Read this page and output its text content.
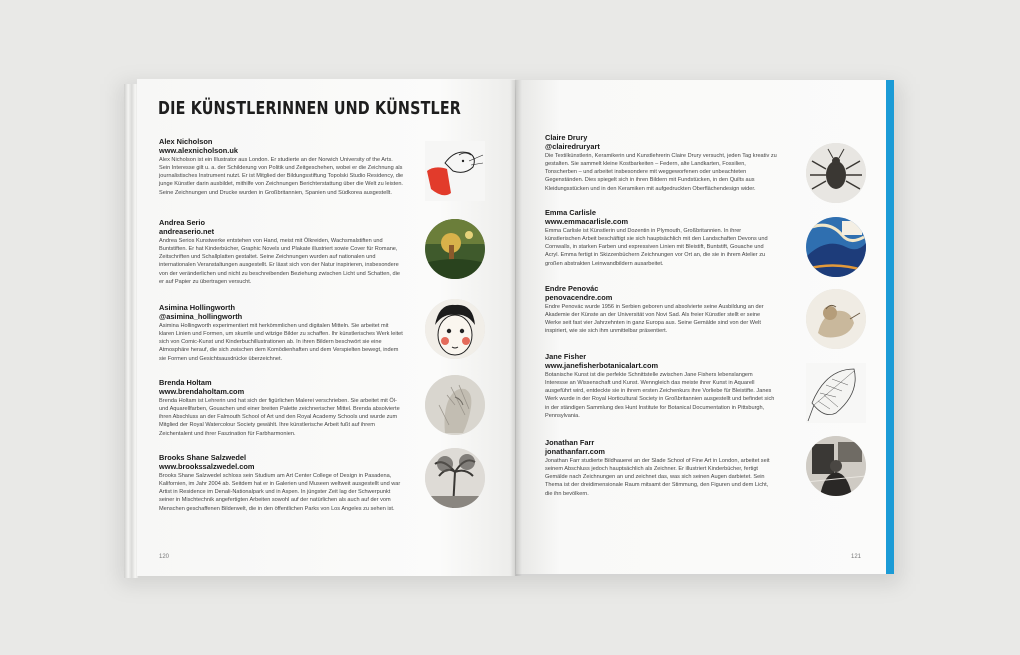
DIE KÜNSTLERINNEN UND KÜNSTLER
Alex Nicholson
www.alexnicholson.uk

Alex Nicholson ist ein Illustrator aus London. Er studierte an der Norwich University of the Arts. Sein Interesse gilt u. a. der Schilderung von Politik und Zeitgeschehen, wobei er die Zeichnung als journalistisches Instrument nutzt. Er ist Mitglied der Bildungsstiftung Topolski Studio Residency, die junge Künstler darin ausbildet, mithilfe von Zeichnungen Berichterstattung über die Welt zu leisten. Seine Zeichnungen und Drucke wurden in Großbritannien, Spanien und Südkorea ausgestellt.

Andrea Serio
andreaserio.net

Andrea Serios Kunstwerke entstehen von Hand, meist mit Ölkreiden, Wachsmalstiften und Buntstiften. Er hat Kinderbücher, Graphic Novels und Plakate illustriert sowie Cover für Romane, Zeitschriften und Schallplatten gestaltet. Seine Zeichnungen wurden auf nationalen und internationalen Veranstaltungen ausgestellt. Er lässt sich von der Natur inspirieren, insbesondere von der veränderlichen und nicht zu beschreibenden Beziehung zwischen Licht und Schatten, die er auf Papier zu übertragen versucht.

Asimina Hollingworth
@asimina_hollingworth

Asimina Hollingworth experimentiert mit herkömmlichen und digitalen Mitteln. Sie arbeitet mit klaren Linien und Formen, um skurrile und witzige Bilder zu schaffen. Ihr künstlerisches Werk leitet sich von Comic-Kunst und Kinderbuchillustrationen ab. In ihren Bildern beschwört sie eine Atmosphäre herauf, die sich zwischen dem Komödienhaften und dem Verspielten bewegt, indem sie Formen und Gesichtsausdrücke überzeichnet.

Brenda Holtam
www.brendaholtam.com

Brenda Holtam ist Lehrerin und hat sich der figürlichen Malerei verschrieben. Sie arbeitet mit Öl- und Aquarellfarben, Gouachen und einer breiten Palette zeichnerischer Mittel. Brenda absolvierte ihren Abschluss an der Falmouth School of Art und den Royal Academy Schools und wurde zum Mitglied der Royal Watercolour Society gewählt. Ihre künstlerische Arbeit fußt auf ihrem Zeichentalent und ihrer Faszination für Farbharmonien.

Brooks Shane Salzwedel
www.brookssalzwedel.com

Brooks Shane Salzwedel schloss sein Studium am Art Center College of Design in Pasadena, Kalifornien, im Jahr 2004 ab. Seitdem hat er in Galerien und Museen weltweit ausgestellt und war Artist in Residence im Denali-Nationalpark und in Aspen. In jüngster Zeit lag der Schwerpunkt seiner in Mischtechnik angefertigten Arbeiten sowohl auf der natürlichen als auch auf der vom Menschen geschaffenen Bilderwelt, die in den öffentlichen Parks von Los Angeles zu sehen ist.

120
Claire Drury
@clairedruryart

Die Textilkünstlerin, Keramikerin und Kunstlehrerin Claire Drury versucht, jeden Tag kreativ zu gestalten. Sie sammelt kleine Kostbarkeiten – Federn, alte Landkarten, Fossilien, Tonscherben – und arbeitet insbesondere mit weggeworfenen oder unbeachteten Gegenständen. Dies spiegelt sich in ihren Bildern mit Fundstücken, in den Quilts aus Kleidungsstücken und in den Keramiken mit aufgedruckten Oberflächendesign wider.

Emma Carlisle
www.emmacarlisle.com

Emma Carlisle ist Künstlerin und Dozentin in Plymouth, Großbritannien. In ihrer künstlerischen Arbeit beschäftigt sie sich hauptsächlich mit den Landschaften Devons und Cornwalls, in starken Farben und expressiven Linien mit Bleistift, Buntstift, Gouache und Acryl. Emma fertigt in Skizzenbüchern Zeichnungen vor Ort an, die sie in ihrem Atelier zu großen abstrakten Leinwandbildern ausarbeitet.

Endre Penovác
penovacendre.com

Endre Penovác wurde 1956 in Serbien geboren und absolvierte seine Ausbildung an der Akademie der Künste an der Universität von Novi Sad. Als freier Künstler stellt er seine Werke seit fast vier Jahrzehnten in ganz Europa aus. Seine Gemälde sind von der Welt inspiriert, wie sie sich ihm unmittelbar präsentiert.

Jane Fisher
www.janefisherbotanicalart.com

Botanische Kunst ist die perfekte Schnittstelle zwischen Jane Fishers lebenslangem Interesse an Wissenschaft und Kunst. Wenngleich das meiste ihrer Kunst in Aquarell ausgeführt wird, entdeckte sie in ihrem ersten Zeichenkurs ihre Vorliebe für Bleistifte. Janes Werk wurde in der Royal Horticultural Society in Großbritannien ausgestellt und befindet sich in der ständigen Sammlung des Hunt Institute for Botanical Documentation in Pittsburgh, Pennsylvania.

Jonathan Farr
jonathanfarr.com

Jonathan Farr studierte Bildhauerei an der Slade School of Fine Art in London, arbeitet seit seinem Abschluss jedoch hauptsächlich als Zeichner. Er illustriert Kinderbücher, fertigt Gemälde nach Zeichnungen an und zeichnet das, was sich seinen Augen darbietet. Sein Thema ist der dreidimensionale Raum mitsamt der Stimmung, den Figuren und dem Licht, die ihn bevölkern.

121
